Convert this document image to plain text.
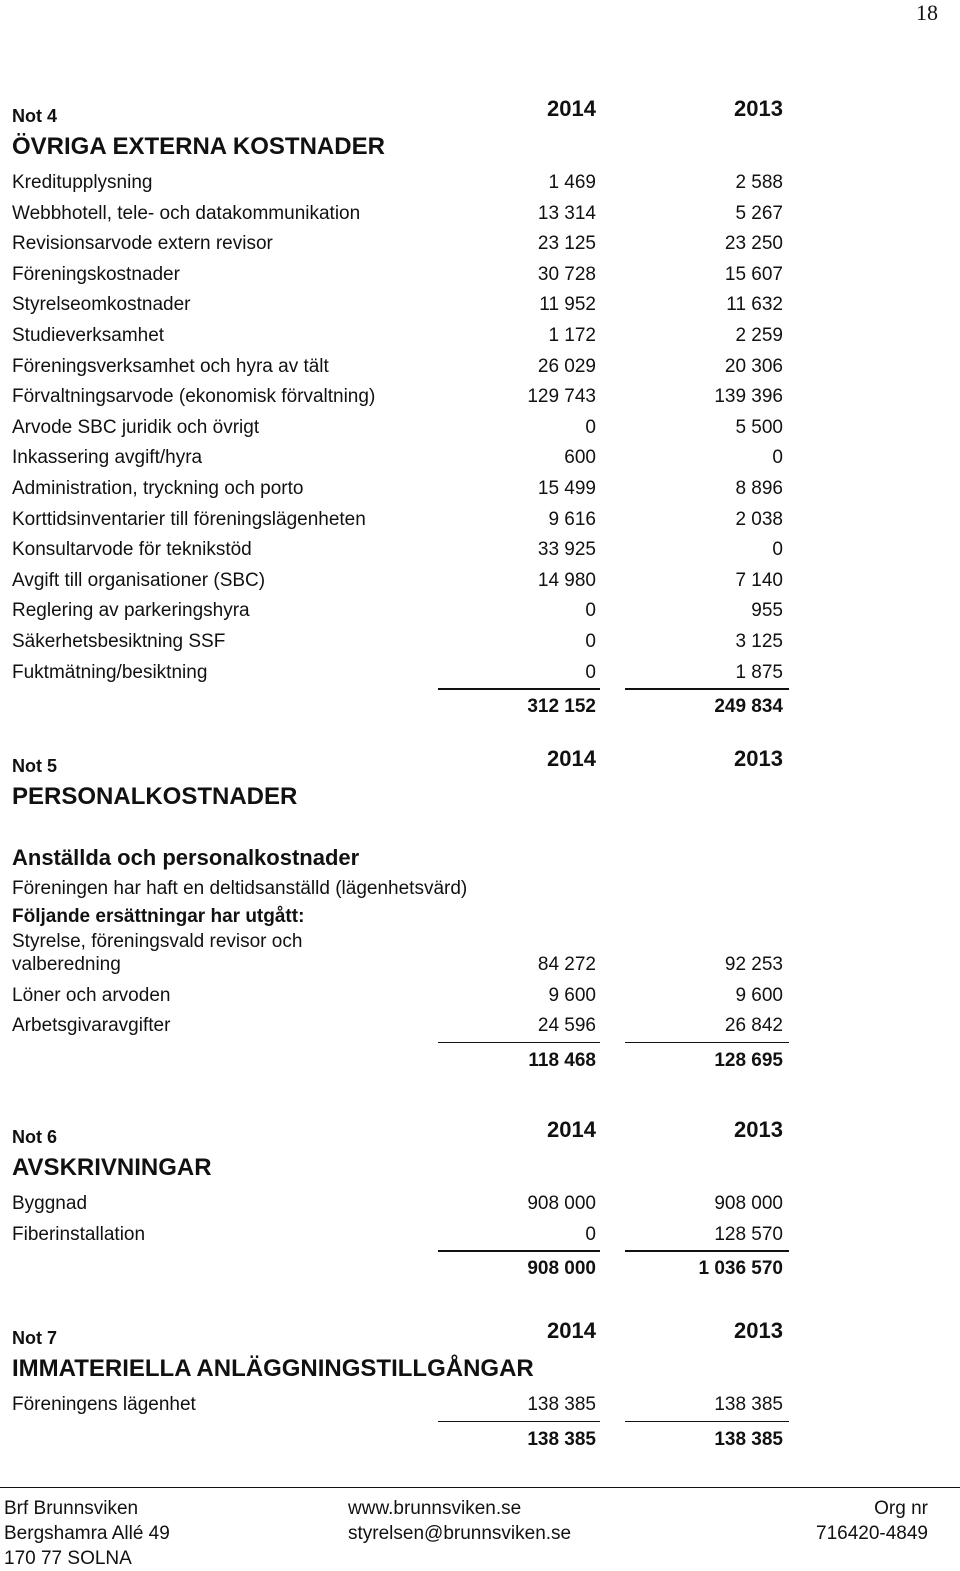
18
Not 4	2014	2013
ÖVRIGA EXTERNA KOSTNADER
Kreditupplysning	1 469	2 588
Webbhotell, tele- och datakommunikation	13 314	5 267
Revisionsarvode extern revisor	23 125	23 250
Föreningskostnader	30 728	15 607
Styrelseomkostnader	11 952	11 632
Studieverksamhet	1 172	2 259
Föreningsverksamhet och hyra av tält	26 029	20 306
Förvaltningsarvode (ekonomisk förvaltning)	129 743	139 396
Arvode SBC juridik och övrigt	0	5 500
Inkassering avgift/hyra	600	0
Administration, tryckning och porto	15 499	8 896
Korttidsinventarier till föreningslägenheten	9 616	2 038
Konsultarvode för teknikstöd	33 925	0
Avgift till organisationer (SBC)	14 980	7 140
Reglering av parkeringshyra	0	955
Säkerhetsbesiktning SSF	0	3 125
Fuktmätning/besiktning	0	1 875
312 152	249 834
Not 5	2014	2013
PERSONALKOSTNADER
Anställda och personalkostnader
Föreningen har haft en deltidsanställd (lägenhetsvärd)
Följande ersättningar har utgått:
Styrelse, föreningsvald revisor och
valberedning	84 272	92 253
Löner och arvoden	9 600	9 600
Arbetsgivaravgifter	24 596	26 842
118 468	128 695
Not 6	2014	2013
AVSKRIVNINGAR
Byggnad	908 000	908 000
Fiberinstallation	0	128 570
908 000	1 036 570
Not 7	2014	2013
IMMATERIELLA ANLÄGGNINGSTILLGÅNGAR
Föreningens lägenhet	138 385	138 385
138 385	138 385
Brf Brunnsviken
Bergshamra Allé 49
170 77 SOLNA
www.brunnsviken.se
styrelsen@brunnsviken.se
Org nr
716420-4849
